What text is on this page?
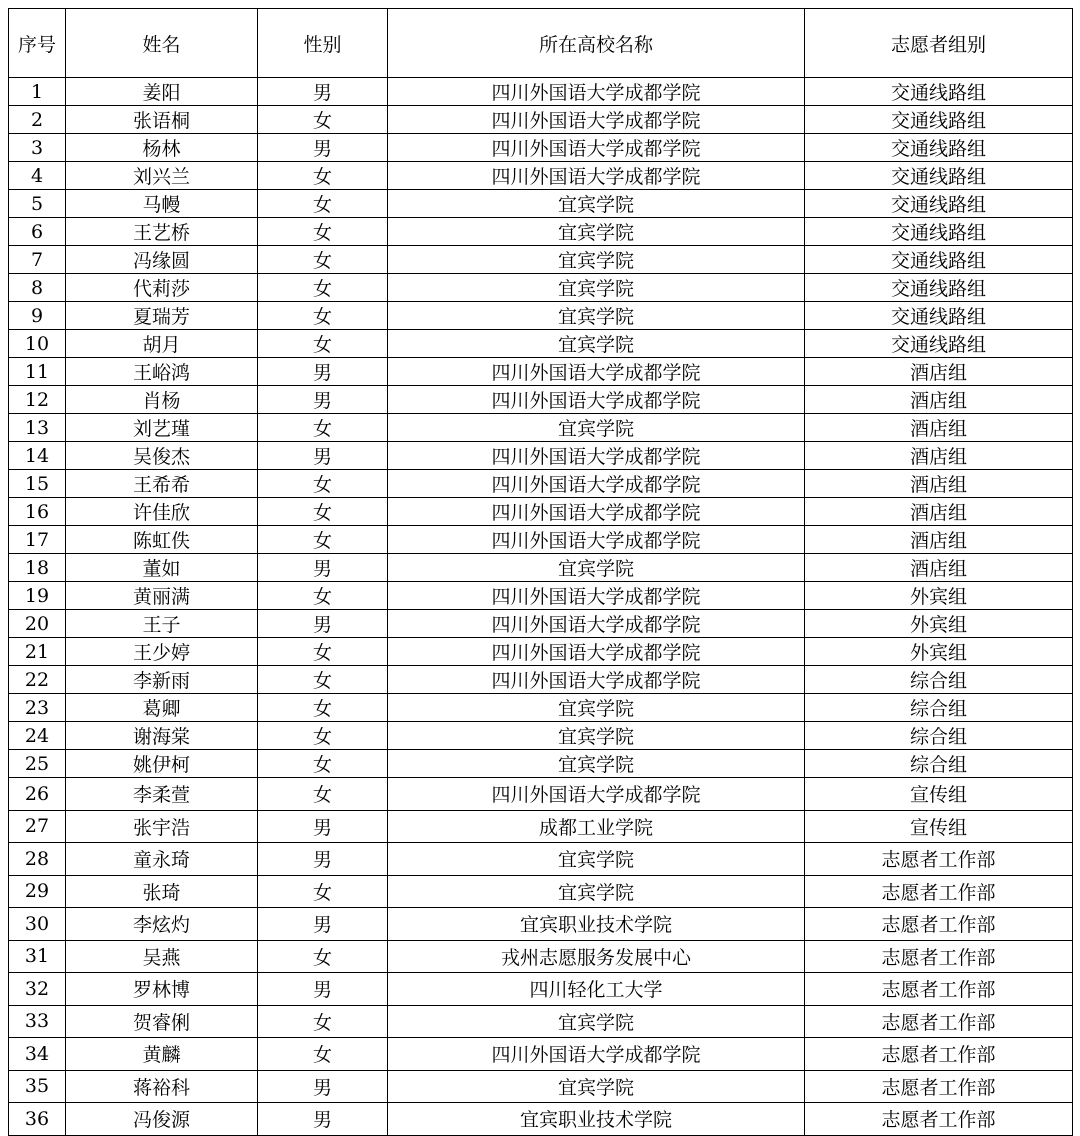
序号	姓名	性别	所在高校名称	志愿者组别
1	姜阳	男	四川外国语大学成都学院	交通线路组
2	张语桐	女	四川外国语大学成都学院	交通线路组
3	杨林	男	四川外国语大学成都学院	交通线路组
4	刘兴兰	女	四川外国语大学成都学院	交通线路组
5	马幔	女	宜宾学院	交通线路组
6	王艺桥	女	宜宾学院	交通线路组
7	冯缘圆	女	宜宾学院	交通线路组
8	代莉莎	女	宜宾学院	交通线路组
9	夏瑞芳	女	宜宾学院	交通线路组
10	胡月	女	宜宾学院	交通线路组
11	王峪鸿	男	四川外国语大学成都学院	酒店组
12	肖杨	男	四川外国语大学成都学院	酒店组
13	刘艺瑾	女	宜宾学院	酒店组
14	吴俊杰	男	四川外国语大学成都学院	酒店组
15	王希希	女	四川外国语大学成都学院	酒店组
16	许佳欣	女	四川外国语大学成都学院	酒店组
17	陈虹佚	女	四川外国语大学成都学院	酒店组
18	董如	男	宜宾学院	酒店组
19	黄丽满	女	四川外国语大学成都学院	外宾组
20	王子	男	四川外国语大学成都学院	外宾组
21	王少婷	女	四川外国语大学成都学院	外宾组
22	李新雨	女	四川外国语大学成都学院	综合组
23	葛卿	女	宜宾学院	综合组
24	谢海棠	女	宜宾学院	综合组
25	姚伊柯	女	宜宾学院	综合组
26	李柔萱	女	四川外国语大学成都学院	宣传组
27	张宇浩	男	成都工业学院	宣传组
28	童永琦	男	宜宾学院	志愿者工作部
29	张琦	女	宜宾学院	志愿者工作部
30	李炫灼	男	宜宾职业技术学院	志愿者工作部
31	吴燕	女	戎州志愿服务发展中心	志愿者工作部
32	罗林博	男	四川轻化工大学	志愿者工作部
33	贺睿俐	女	宜宾学院	志愿者工作部
34	黄麟	女	四川外国语大学成都学院	志愿者工作部
35	蒋裕科	男	宜宾学院	志愿者工作部
36	冯俊源	男	宜宾职业技术学院	志愿者工作部
